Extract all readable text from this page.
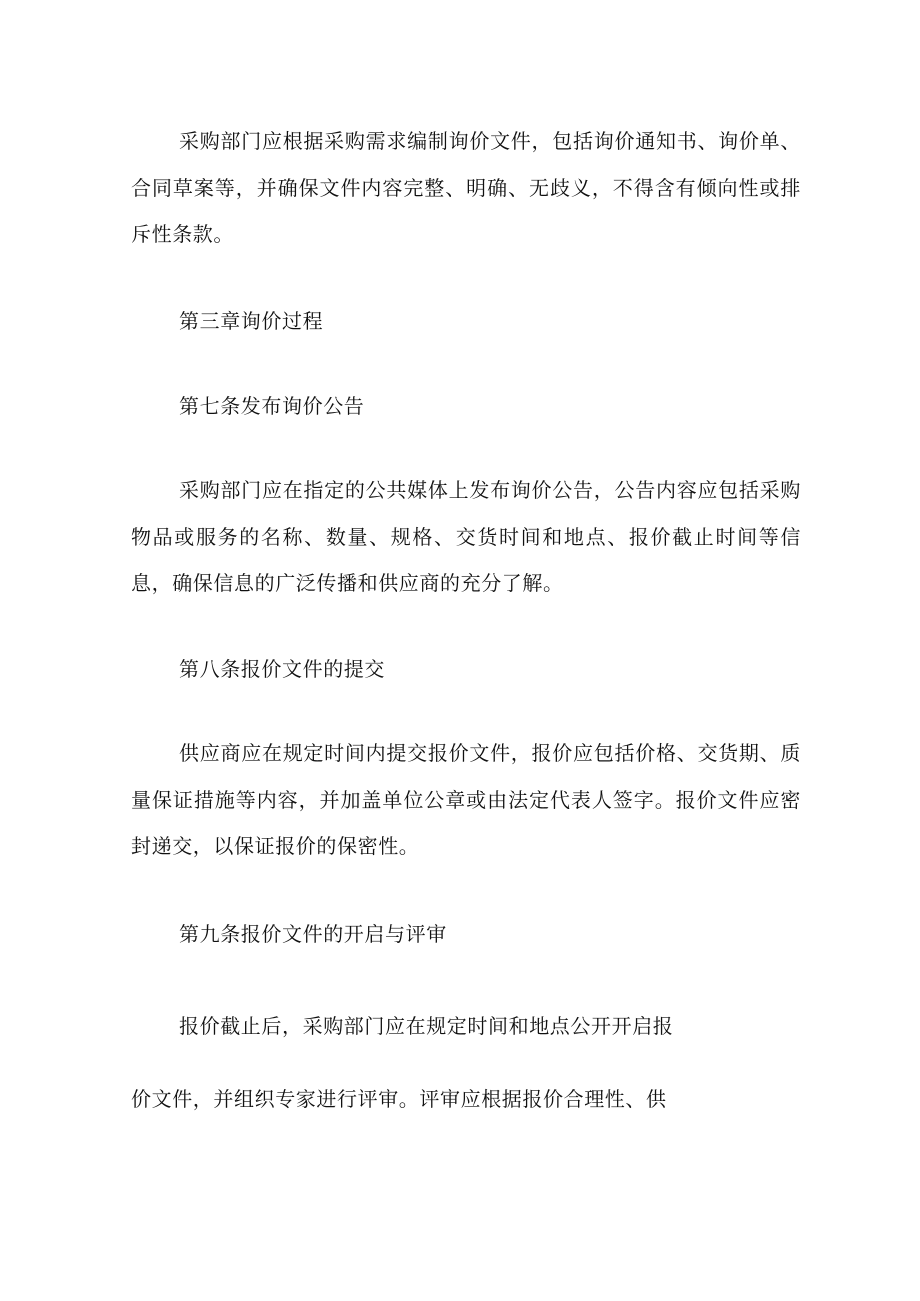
采购部门应根据采购需求编制询价文件，包括询价通知书、询价单、合同草案等，并确保文件内容完整、明确、无歧义，不得含有倾向性或排斥性条款。

第三章询价过程

第七条发布询价公告

采购部门应在指定的公共媒体上发布询价公告，公告内容应包括采购物品或服务的名称、数量、规格、交货时间和地点、报价截止时间等信息，确保信息的广泛传播和供应商的充分了解。

第八条报价文件的提交

供应商应在规定时间内提交报价文件，报价应包括价格、交货期、质量保证措施等内容，并加盖单位公章或由法定代表人签字。报价文件应密封递交，以保证报价的保密性。

第九条报价文件的开启与评审

报价截止后，采购部门应在规定时间和地点公开开启报

价文件，并组织专家进行评审。评审应根据报价合理性、供
